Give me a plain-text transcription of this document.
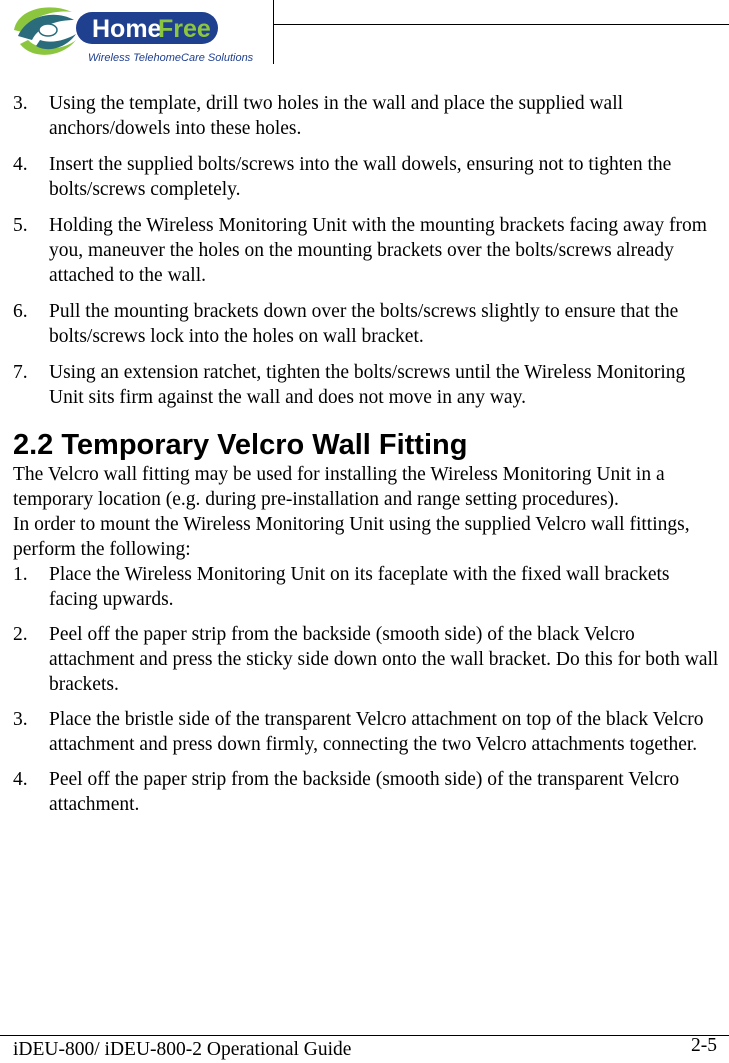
Home
Free
Wireless TelehomeCare Solutions
3. Using the template, drill two holes in the wall and place the supplied wall anchors/dowels into these holes.
4. Insert the supplied bolts/screws into the wall dowels, ensuring not to tighten the bolts/screws completely.
5. Holding the Wireless Monitoring Unit with the mounting brackets facing away from you, maneuver the holes on the mounting brackets over the bolts/screws already attached to the wall.
6. Pull the mounting brackets down over the bolts/screws slightly to ensure that the bolts/screws lock into the holes on wall bracket.
7. Using an extension ratchet, tighten the bolts/screws until the Wireless Monitoring Unit sits firm against the wall and does not move in any way.
2.2 Temporary Velcro Wall Fitting

The Velcro wall fitting may be used for installing the Wireless Monitoring Unit in a temporary location (e.g. during pre-installation and range setting procedures).

In order to mount the Wireless Monitoring Unit using the supplied Velcro wall fittings, perform the following:

1. Place the Wireless Monitoring Unit on its faceplate with the fixed wall brackets facing upwards.
2. Peel off the paper strip from the backside (smooth side) of the black Velcro attachment and press the sticky side down onto the wall bracket. Do this for both wall brackets.
3. Place the bristle side of the transparent Velcro attachment on top of the black Velcro attachment and press down firmly, connecting the two Velcro attachments together.
4. Peel off the paper strip from the backside (smooth side) of the transparent Velcro attachment.
iDEU-800/ iDEU-800-2 Operational Guide	2-5
